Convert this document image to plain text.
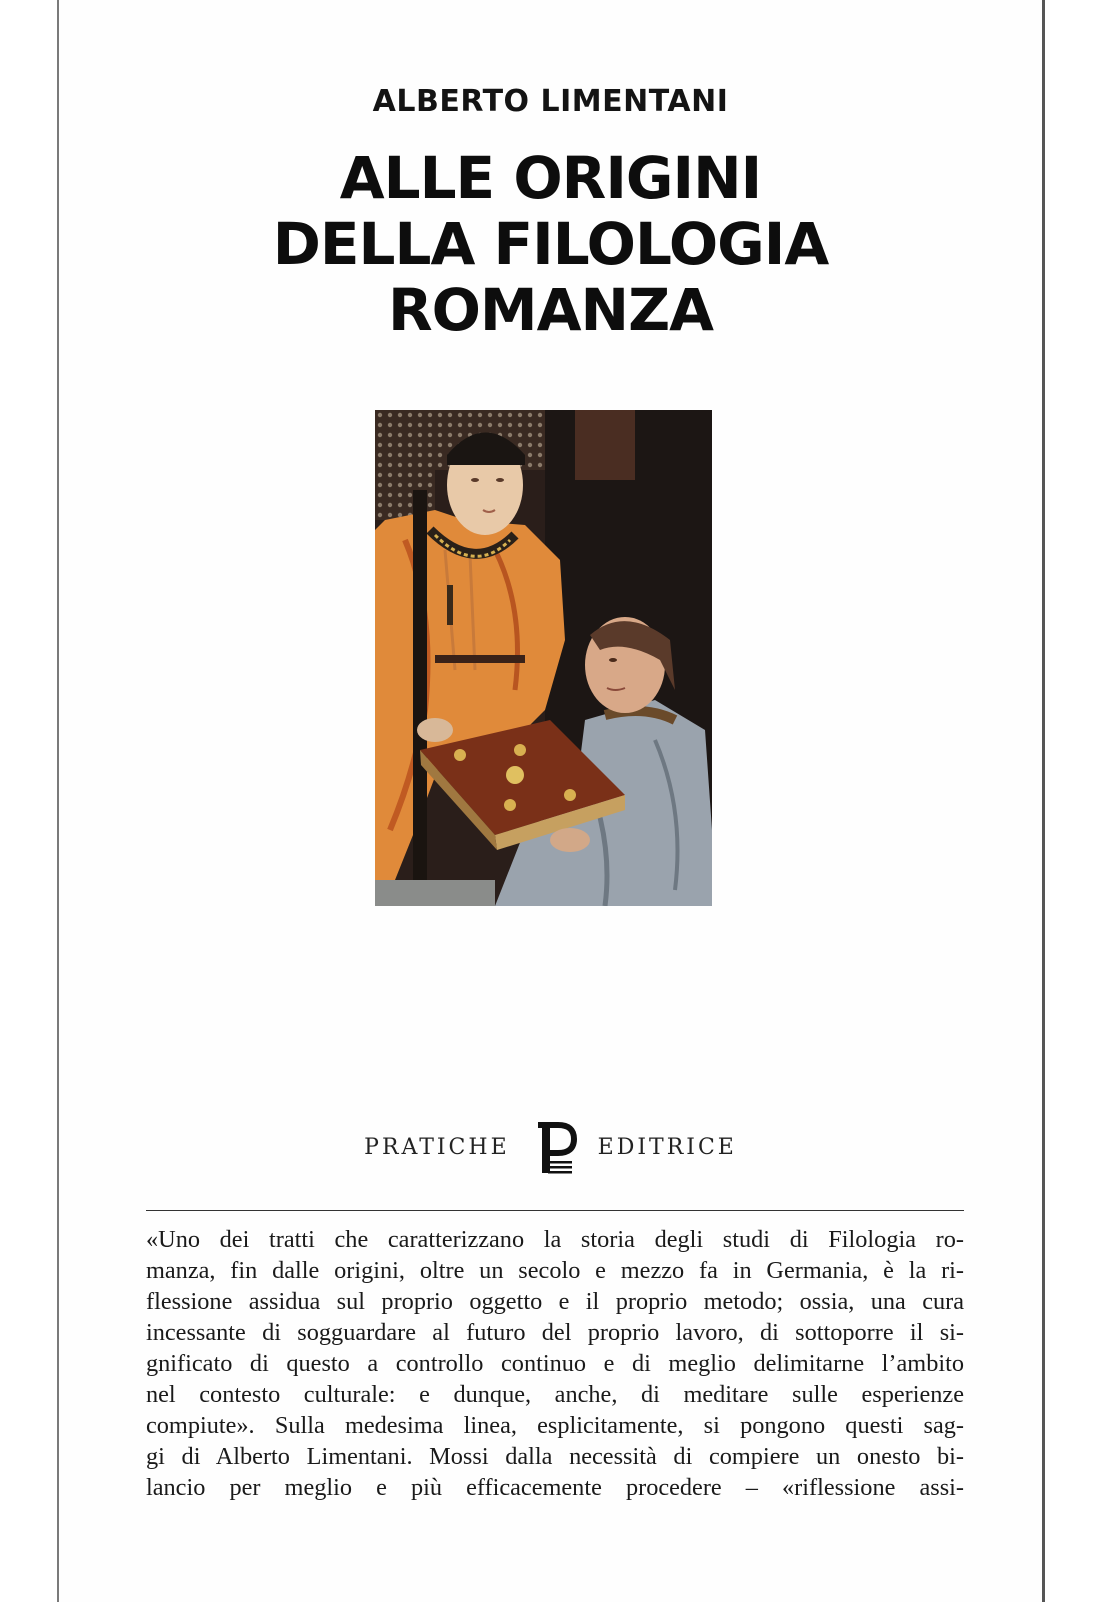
ALBERTO LIMENTANI
ALLE ORIGINI
DELLA FILOLOGIA
ROMANZA
PRATICHE	EDITRICE
«Uno dei tratti che caratterizzano la storia degli studi di Filologia ro-
manza, fin dalle origini, oltre un secolo e mezzo fa in Germania, è la ri-
flessione assidua sul proprio oggetto e il proprio metodo; ossia, una cura
incessante di sogguardare al futuro del proprio lavoro, di sottoporre il si-
gnificato di questo a controllo continuo e di meglio delimitarne l’ambito
nel contesto culturale: e dunque, anche, di meditare sulle esperienze
compiute». Sulla medesima linea, esplicitamente, si pongono questi sag-
gi di Alberto Limentani. Mossi dalla necessità di compiere un onesto bi-
lancio per meglio e più efficacemente procedere – «riflessione assi-
